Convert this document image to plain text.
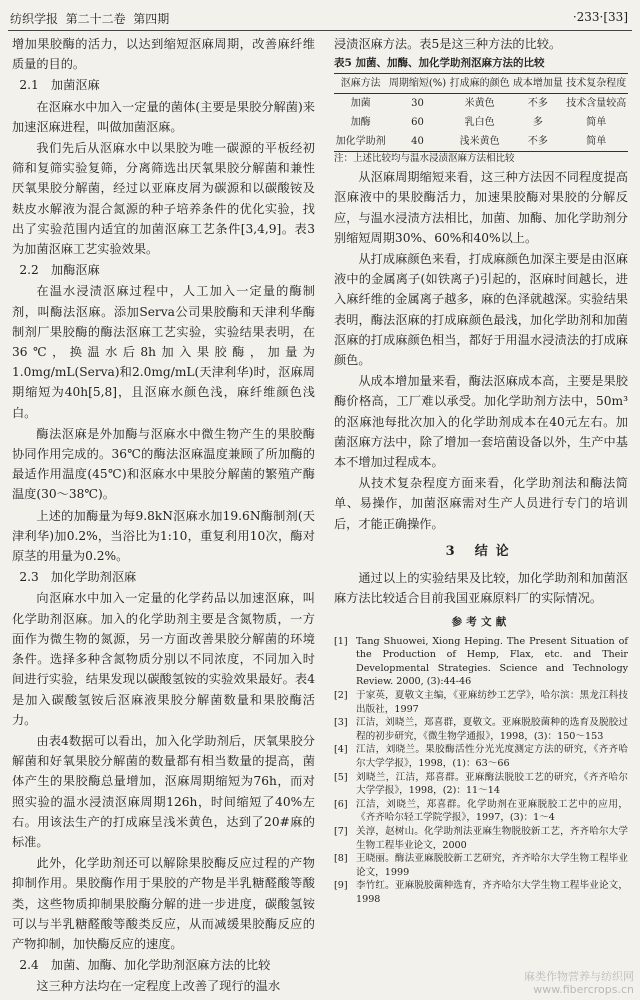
纺织学报  第二十二卷  第四期	·233·[33]

增加果胶酶的活力，以达到缩短沤麻周期，改善麻纤维质量的目的。

2.1 加菌沤麻

在沤麻水中加入一定量的菌体(主要是果胶分解菌)来加速沤麻进程，叫做加菌沤麻。

我们先后从沤麻水中以果胶为唯一碳源的平板经初筛和复筛实验复筛，分离筛选出厌氧果胶分解菌和兼性厌氧果胶分解菌，经过以亚麻皮屑为碳源和以碳酸铵及麸皮水解液为混合氮源的种子培养条件的优化实验，找出了实验范围内适宜的加菌沤麻工艺条件[3,4,9]。表3为加菌沤麻工艺实验效果。

2.2 加酶沤麻

在温水浸渍沤麻过程中，人工加入一定量的酶制剂，叫酶法沤麻。添加Serva公司果胶酶和天津利华酶制剂厂果胶酶的酶法沤麻工艺实验，实验结果表明，在36℃，换温水后8h加入果胶酶，加量为1.0mg/mL(Serva)和2.0mg/mL(天津利华)时，沤麻周期缩短为40h[5,8]，且沤麻水颜色浅，麻纤维颜色浅白。

酶法沤麻是外加酶与沤麻水中微生物产生的果胶酶协同作用完成的。36℃的酶法沤麻温度兼顾了所加酶的最适作用温度(45℃)和沤麻水中果胶分解菌的繁殖产酶温度(30～38℃)。

上述的加酶量为每9.8kN沤麻水加19.6N酶制剂(天津利华)加0.2%，当浴比为1:10，重复利用10次，酶对原茎的用量为0.2%。

2.3 加化学助剂沤麻

向沤麻水中加入一定量的化学药品以加速沤麻，叫化学助剂沤麻。加入的化学助剂主要是含氮物质，一方面作为微生物的氮源，另一方面改善果胶分解菌的环境条件。选择多种含氮物质分别以不同浓度，不同加入时间进行实验，结果发现以碳酸氢铵的实验效果最好。表4是加入碳酸氢铵后沤麻液果胶分解菌数量和果胶酶活力。

由表4数据可以看出，加入化学助剂后，厌氧果胶分解菌和好氧果胶分解菌的数量都有相当数量的提高，菌体产生的果胶酶总量增加，沤麻周期缩短为76h，而对照实验的温水浸渍沤麻周期126h，时间缩短了40%左右。用该法生产的打成麻呈浅米黄色，达到了20#麻的标准。

此外，化学助剂还可以解除果胶酶反应过程的产物抑制作用。果胶酶作用于果胶的产物是半乳糖醛酸等酸类，这些物质抑制果胶酶分解的进一步进度，碳酸氢铵可以与半乳糖醛酸等酸类反应，从而减缓果胶酶反应的产物抑制，加快酶反应的速度。

2.4 加菌、加酶、加化学助剂沤麻方法的比较

这三种方法均在一定程度上改善了现行的温水

浸渍沤麻方法。表5是这三种方法的比较。

表5 加菌、加酶、加化学助剂沤麻方法的比较

沤麻方法	周期缩短(%)	打成麻的颜色	成本增加量	技术复杂程度
加菌	30	米黄色	不多	技术含量较高
加酶	60	乳白色	多	简单
加化学助剂	40	浅米黄色	不多	简单

注：上述比较均与温水浸渍沤麻方法相比较

从沤麻周期缩短来看，这三种方法因不同程度提高沤麻液中的果胶酶活力，加速果胶酶对果胶的分解反应，与温水浸渍方法相比，加菌、加酶、加化学助剂分别缩短周期30%、60%和40%以上。

从打成麻颜色来看，打成麻颜色加深主要是由沤麻液中的金属离子(如铁离子)引起的，沤麻时间越长，进入麻纤维的金属离子越多，麻的色泽就越深。实验结果表明，酶法沤麻的打成麻颜色最浅，加化学助剂和加菌沤麻的打成麻颜色相当，都好于用温水浸渍法的打成麻颜色。

从成本增加量来看，酶法沤麻成本高，主要是果胶酶价格高，工厂难以承受。加化学助剂方法中，50m³的沤麻池每批次加入的化学助剂成本在40元左右。加菌沤麻方法中，除了增加一套培菌设备以外，生产中基本不增加过程成本。

从技术复杂程度方面来看，化学助剂法和酶法简单、易操作，加菌沤麻需对生产人员进行专门的培训后，才能正确操作。

3 结论

通过以上的实验结果及比较，加化学助剂和加菌沤麻方法比较适合目前我国亚麻原料厂的实际情况。

参考文献
[1] Tang Shuowei, Xiong Heping. The Present Situation of the Production of Hemp, Flax, etc. and Their Developmental Strategies. Science and Technology Review. 2000, (3):44-46
[2] 于家英，夏敬文主编，《亚麻纺纱工艺学》，哈尔滨：黑龙江科技出版社，1997
[3] 江洁，刘晓兰，郑喜群，夏敬文。亚麻脱胶菌种的选育及脱胶过程的初步研究，《微生物学通报》，1998，(3)：150～153
[4] 江洁，刘晓兰。果胶酶活性分光光度测定方法的研究，《齐齐哈尔大学学报》，1998，(1)：63～66
[5] 刘晓兰，江洁，郑喜群。亚麻酶法脱胶工艺的研究，《齐齐哈尔大学学报》，1998，(2)：11～14
[6] 江洁，刘晓兰，郑喜群。化学助剂在亚麻脱胶工艺中的应用，《齐齐哈尔轻工学院学报》，1997，(3)：1～4
[7] 关淳，赵树山。化学助剂法亚麻生物脱胶新工艺，齐齐哈尔大学生物工程毕业论文，2000
[8] 王晓丽。酶法亚麻脱胶新工艺研究，齐齐哈尔大学生物工程毕业论文，1999
[9] 李竹红。亚麻脱胶菌种选育，齐齐哈尔大学生物工程毕业论文，1998
麻类作物营养与纺织网
www.fibercrops.cn
